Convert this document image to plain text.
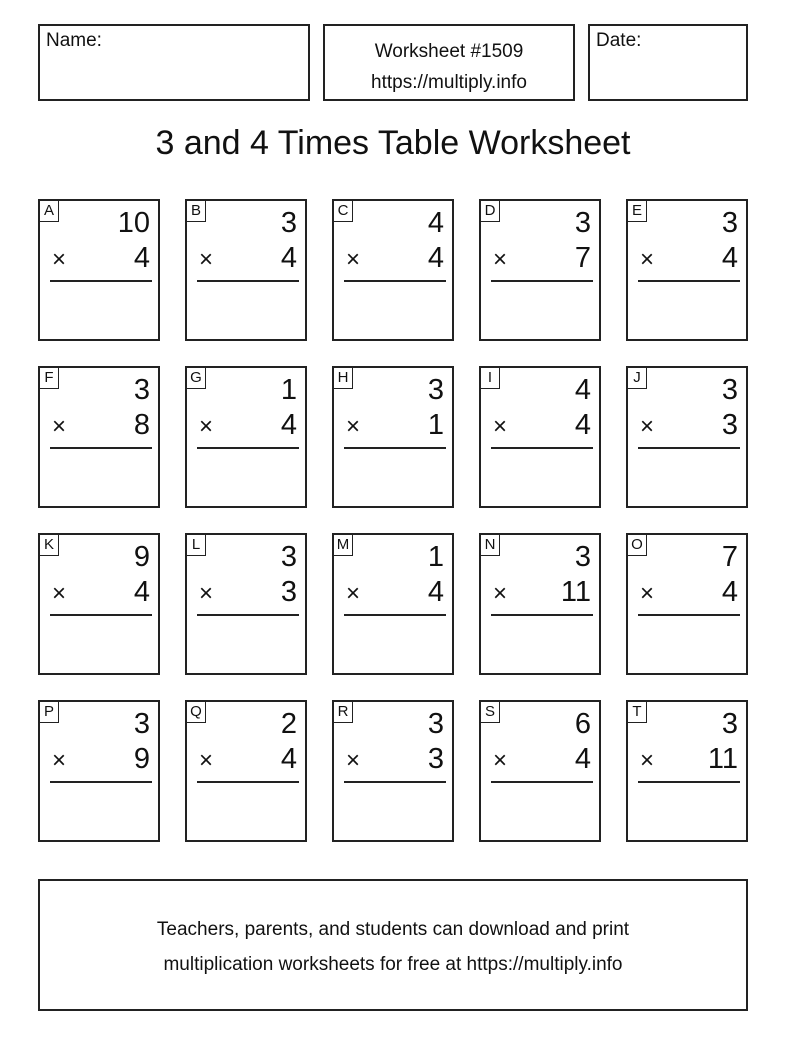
Name:
Worksheet #1509
https://multiply.info
Date:
3 and 4 Times Table Worksheet
A 10
× 4
B	3
× 4
C	4
× 4
D	3
× 7
E	3
× 4
F	3
× 8
G	1
× 4
H	3
× 1
I	4
× 4
J	3
× 3
K	9
× 4
L	3
× 3
M	1
× 4
N	3
× 11
O	7
× 4
P	3
× 9
Q	2
× 4
R	3
× 3
S	6
× 4
T	3
× 11
Teachers, parents, and students can download and print
multiplication worksheets for free at https://multiply.info
